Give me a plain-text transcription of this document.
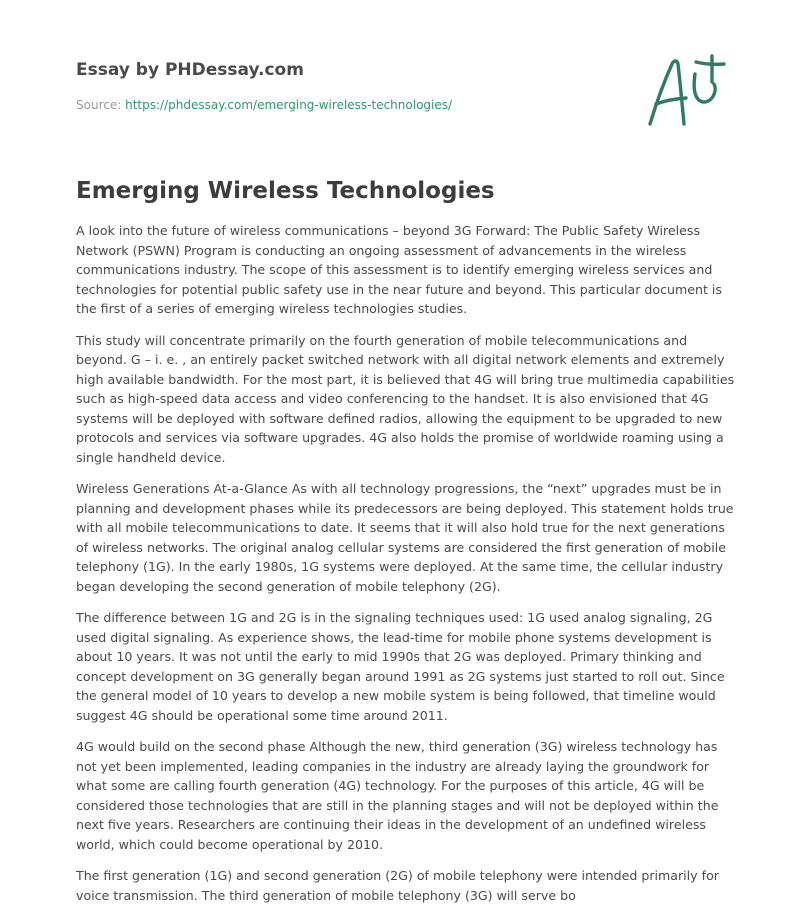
Essay by PHDessay.com
Source: https://phdessay.com/emerging-wireless-technologies/
Emerging Wireless Technologies

A look into the future of wireless communications – beyond 3G Forward: The Public Safety Wireless Network (PSWN) Program is conducting an ongoing assessment of advancements in the wireless communications industry. The scope of this assessment is to identify emerging wireless services and technologies for potential public safety use in the near future and beyond. This particular document is the first of a series of emerging wireless technologies studies.

This study will concentrate primarily on the fourth generation of mobile telecommunications and beyond. G – i. e. , an entirely packet switched network with all digital network elements and extremely high available bandwidth. For the most part, it is believed that 4G will bring true multimedia capabilities such as high-speed data access and video conferencing to the handset. It is also envisioned that 4G systems will be deployed with software defined radios, allowing the equipment to be upgraded to new protocols and services via software upgrades. 4G also holds the promise of worldwide roaming using a single handheld device.

Wireless Generations At-a-Glance As with all technology progressions, the “next” upgrades must be in planning and development phases while its predecessors are being deployed. This statement holds true with all mobile telecommunications to date. It seems that it will also hold true for the next generations of wireless networks. The original analog cellular systems are considered the first generation of mobile telephony (1G). In the early 1980s, 1G systems were deployed. At the same time, the cellular industry began developing the second generation of mobile telephony (2G).

The difference between 1G and 2G is in the signaling techniques used: 1G used analog signaling, 2G used digital signaling. As experience shows, the lead-time for mobile phone systems development is about 10 years. It was not until the early to mid 1990s that 2G was deployed. Primary thinking and concept development on 3G generally began around 1991 as 2G systems just started to roll out. Since the general model of 10 years to develop a new mobile system is being followed, that timeline would suggest 4G should be operational some time around 2011.

4G would build on the second phase Although the new, third generation (3G) wireless technology has not yet been implemented, leading companies in the industry are already laying the groundwork for what some are calling fourth generation (4G) technology. For the purposes of this article, 4G will be considered those technologies that are still in the planning stages and will not be deployed within the next five years. Researchers are continuing their ideas in the development of an undefined wireless world, which could become operational by 2010.

The first generation (1G) and second generation (2G) of mobile telephony were intended primarily for voice transmission. The third generation of mobile telephony (3G) will serve bo
